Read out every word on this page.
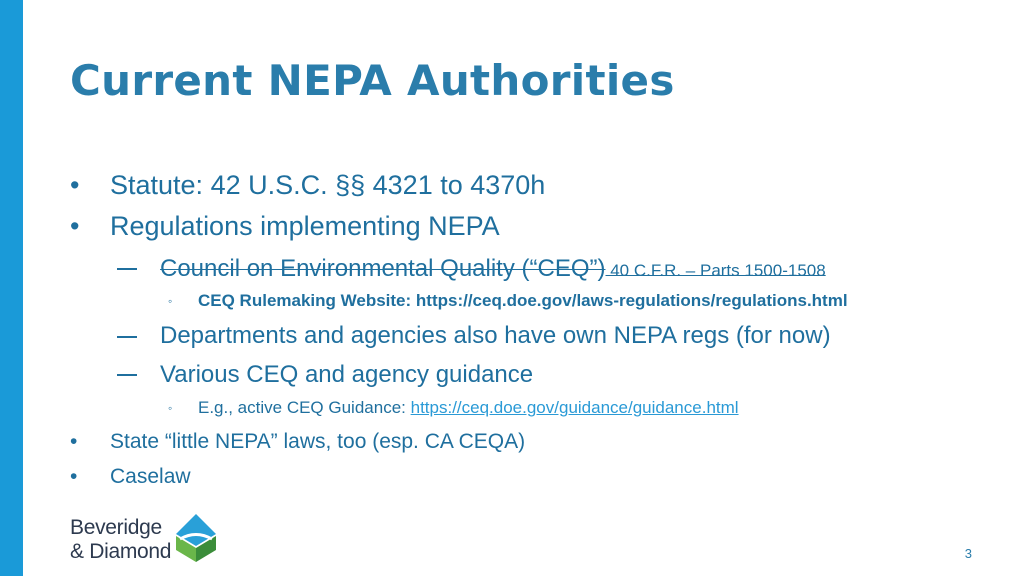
Current NEPA Authorities
• Statute: 42 U.S.C. §§ 4321 to 4370h
• Regulations implementing NEPA
Council on Environmental Quality (“CEQ”) 40 C.F.R. – Parts 1500-1508
◦ CEQ Rulemaking Website: https://ceq.doe.gov/laws-regulations/regulations.html
Departments and agencies also have own NEPA regs (for now)
Various CEQ and agency guidance
◦ E.g., active CEQ Guidance: https://ceq.doe.gov/guidance/guidance.html
• State “little NEPA” laws, too (esp. CA CEQA)
• Caselaw
Beveridge
& Diamond	3
